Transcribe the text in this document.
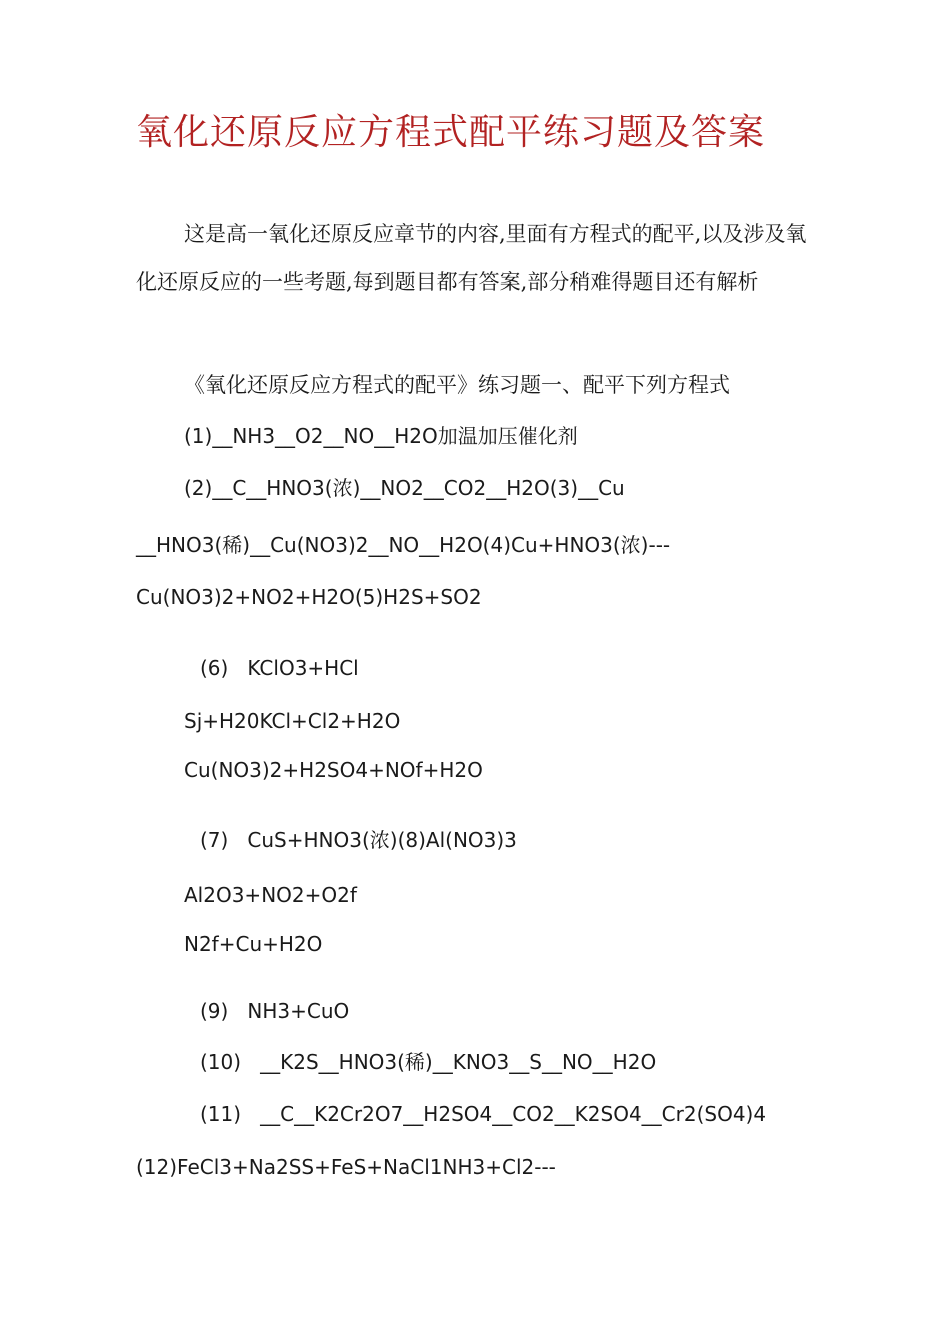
氧化还原反应方程式配平练习题及答案
这是高一氧化还原反应章节的内容,里面有方程式的配平,以及涉及氧化还原反应的一些考题,每到题目都有答案,部分稍难得题目还有解析
《氧化还原反应方程式的配平》练习题一、配平下列方程式
(1)__NH3__O2__NO__H2O加温加压催化剂
(2)__C__HNO3(浓)__NO2__CO2__H2O(3)__Cu
__HNO3(稀)__Cu(NO3)2__NO__H2O(4)Cu+HNO3(浓)---
Cu(NO3)2+NO2+H2O(5)H2S+SO2
(6)   KClO3+HCl
Sj+H20KCl+Cl2+H2O
Cu(NO3)2+H2SO4+NOf+H2O
(7)   CuS+HNO3(浓)(8)Al(NO3)3
Al2O3+NO2+O2f
N2f+Cu+H2O
(9)   NH3+CuO
(10)   __K2S__HNO3(稀)__KNO3__S__NO__H2O
(11)   __C__K2Cr2O7__H2SO4__CO2__K2SO4__Cr2(SO4)4
(12)FeCl3+Na2SS+FeS+NaCl1NH3+Cl2---
